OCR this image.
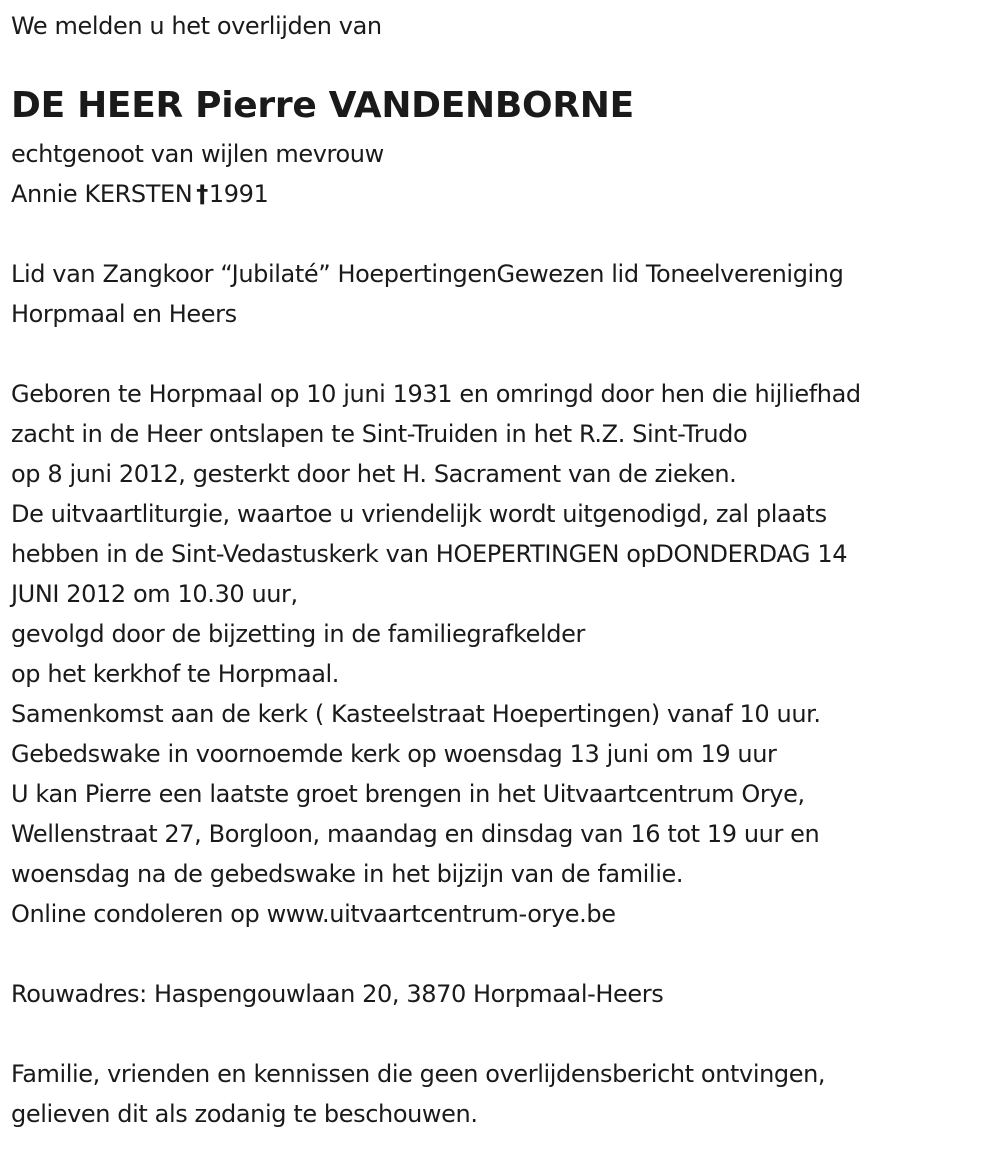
We melden u het overlijden van
DE HEER Pierre VANDENBORNE
echtgenoot van wijlen mevrouw
Annie KERSTEN †1991
Lid van Zangkoor “Jubilaté” HoepertingenGewezen lid Toneelvereniging
Horpmaal en Heers
Geboren te Horpmaal op 10 juni 1931 en omringd door hen die hijliefhad
zacht in de Heer ontslapen te Sint-Truiden in het R.Z. Sint-Trudo
op 8 juni 2012, gesterkt door het H. Sacrament van de zieken.
De uitvaartliturgie, waartoe u vriendelijk wordt uitgenodigd, zal plaats
hebben in de Sint-Vedastuskerk van HOEPERTINGEN opDONDERDAG 14
JUNI 2012 om 10.30 uur,
gevolgd door de bijzetting in de familiegrafkelder
op het kerkhof te Horpmaal.
Samenkomst aan de kerk ( Kasteelstraat Hoepertingen) vanaf 10 uur.
Gebedswake in voornoemde kerk op woensdag 13 juni om 19 uur
U kan Pierre een laatste groet brengen in het Uitvaartcentrum Orye,
Wellenstraat 27, Borgloon, maandag en dinsdag van 16 tot 19 uur en
woensdag na de gebedswake in het bijzijn van de familie.
Online condoleren op www.uitvaartcentrum-orye.be
Rouwadres: Haspengouwlaan 20, 3870 Horpmaal-Heers
Familie, vrienden en kennissen die geen overlijdensbericht ontvingen,
gelieven dit als zodanig te beschouwen.
